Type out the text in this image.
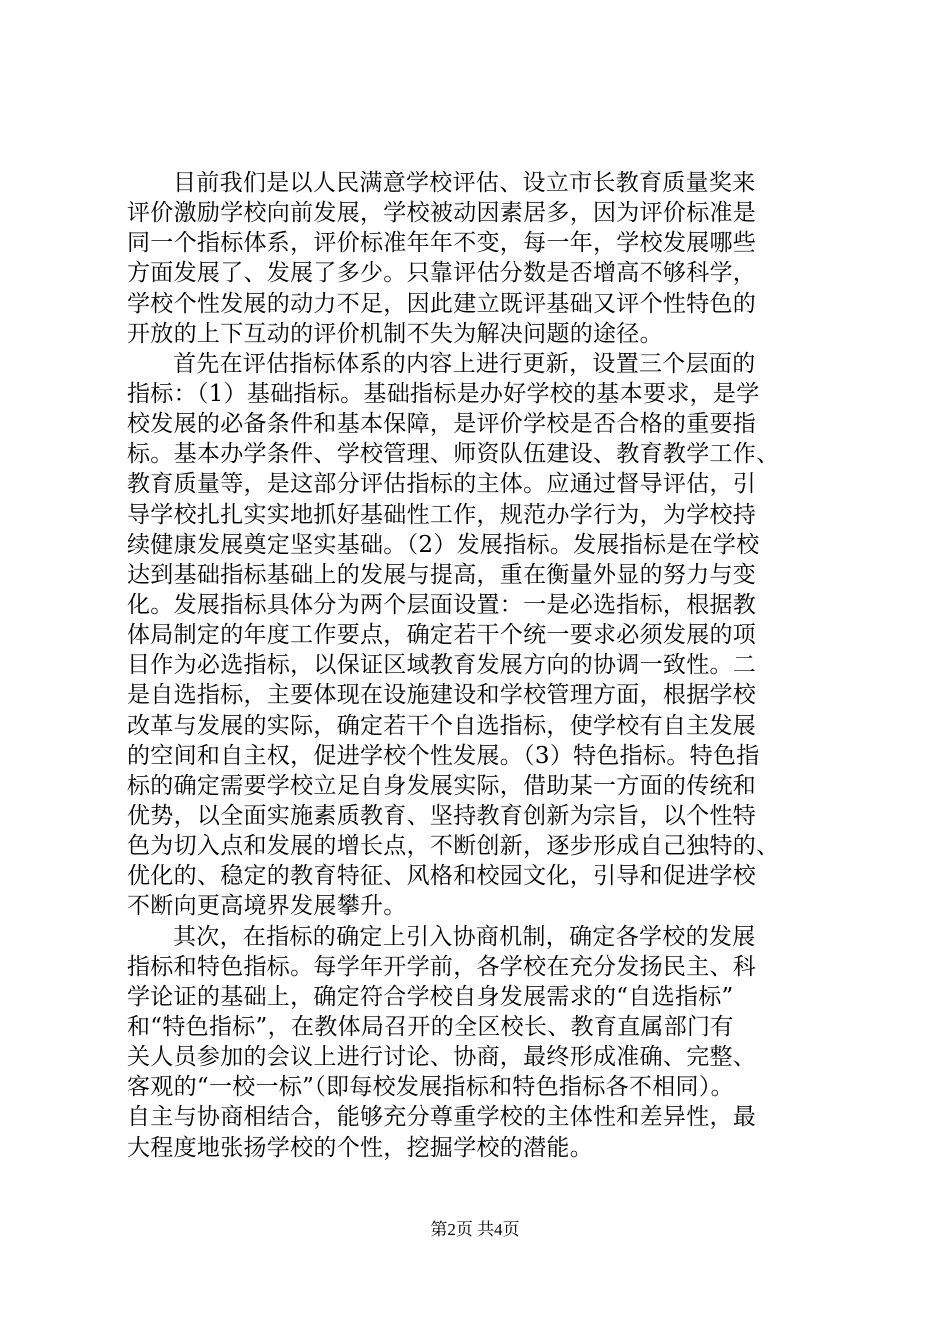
目前我们是以人民满意学校评估、设立市长教育质量奖来
评价激励学校向前发展，学校被动因素居多，因为评价标准是
同一个指标体系，评价标准年年不变，每一年，学校发展哪些
方面发展了、发展了多少。只靠评估分数是否增高不够科学，
学校个性发展的动力不足，因此建立既评基础又评个性特色的
开放的上下互动的评价机制不失为解决问题的途径。
首先在评估指标体系的内容上进行更新，设置三个层面的
指标：（1）基础指标。基础指标是办好学校的基本要求，是学
校发展的必备条件和基本保障，是评价学校是否合格的重要指
标。基本办学条件、学校管理、师资队伍建设、教育教学工作、
教育质量等，是这部分评估指标的主体。应通过督导评估，引
导学校扎扎实实地抓好基础性工作，规范办学行为，为学校持
续健康发展奠定坚实基础。（2）发展指标。发展指标是在学校
达到基础指标基础上的发展与提高，重在衡量外显的努力与变
化。发展指标具体分为两个层面设置：一是必选指标，根据教
体局制定的年度工作要点，确定若干个统一要求必须发展的项
目作为必选指标，以保证区域教育发展方向的协调一致性。二
是自选指标，主要体现在设施建设和学校管理方面，根据学校
改革与发展的实际，确定若干个自选指标，使学校有自主发展
的空间和自主权，促进学校个性发展。（3）特色指标。特色指
标的确定需要学校立足自身发展实际，借助某一方面的传统和
优势，以全面实施素质教育、坚持教育创新为宗旨，以个性特
色为切入点和发展的增长点，不断创新，逐步形成自己独特的、
优化的、稳定的教育特征、风格和校园文化，引导和促进学校
不断向更高境界发展攀升。
其次，在指标的确定上引入协商机制，确定各学校的发展
指标和特色指标。每学年开学前，各学校在充分发扬民主、科
学论证的基础上，确定符合学校自身发展需求的“自选指标”
和“特色指标”，在教体局召开的全区校长、教育直属部门有
关人员参加的会议上进行讨论、协商，最终形成准确、完整、
客观的“一校一标”（即每校发展指标和特色指标各不相同）。
自主与协商相结合，能够充分尊重学校的主体性和差异性，最
大程度地张扬学校的个性，挖掘学校的潜能。
第2页 共4页
